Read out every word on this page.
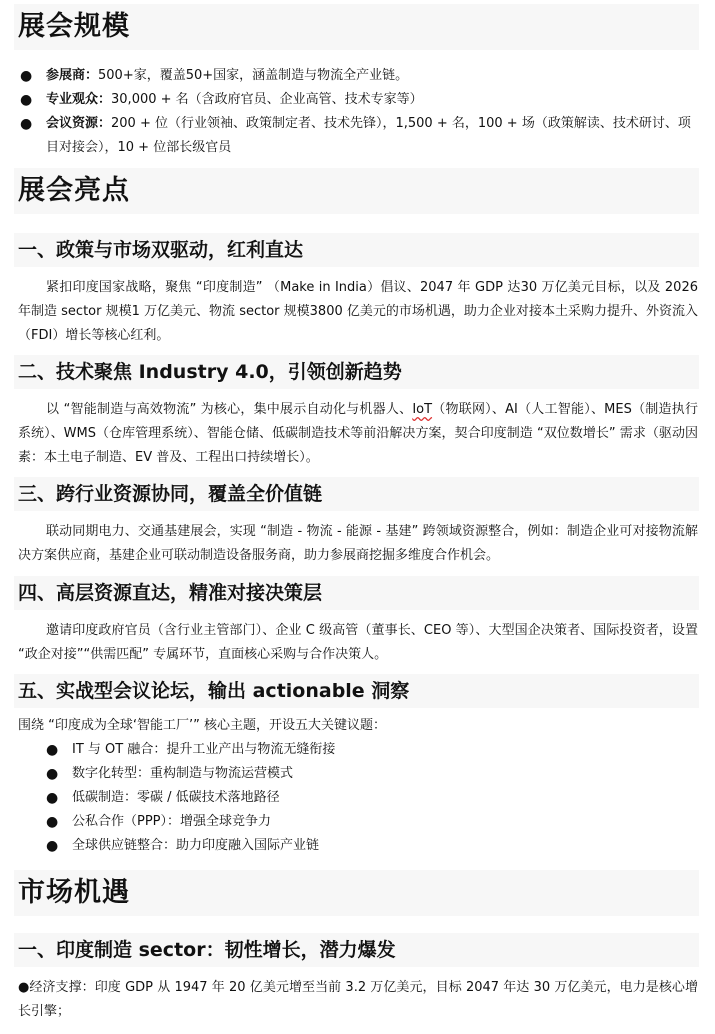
展会规模
● 参展商：500+家，覆盖50+国家，涵盖制造与物流全产业链。
● 专业观众：30,000 + 名（含政府官员、企业高管、技术专家等）
● 会议资源：200 + 位（行业领袖、政策制定者、技术先锋），1,500 + 名，100 + 场（政策解读、技术研讨、项目对接会），10 + 位部长级官员
展会亮点
一、政策与市场双驱动，红利直达
紧扣印度国家战略，聚焦 “印度制造” （Make in India）倡议、2047 年 GDP 达30 万亿美元目标，以及 2026 年制造 sector 规模1 万亿美元、物流 sector 规模3800 亿美元的市场机遇，助力企业对接本土采购力提升、外资流入（FDI）增长等核心红利。
二、技术聚焦 Industry 4.0，引领创新趋势
以 “智能制造与高效物流” 为核心，集中展示自动化与机器人、IoT（物联网）、AI（人工智能）、MES（制造执行系统）、WMS（仓库管理系统）、智能仓储、低碳制造技术等前沿解决方案，契合印度制造 “双位数增长” 需求（驱动因素：本土电子制造、EV 普及、工程出口持续增长）。
三、跨行业资源协同，覆盖全价值链
联动同期电力、交通基建展会，实现 “制造 - 物流 - 能源 - 基建” 跨领域资源整合，例如：制造企业可对接物流解决方案供应商，基建企业可联动制造设备服务商，助力参展商挖掘多维度合作机会。
四、高层资源直达，精准对接决策层
邀请印度政府官员（含行业主管部门）、企业 C 级高管（董事长、CEO 等）、大型国企决策者、国际投资者，设置 “政企对接”“供需匹配” 专属环节，直面核心采购与合作决策人。
五、实战型会议论坛，输出 actionable 洞察
围绕 “印度成为全球‘智能工厂’” 核心主题，开设五大关键议题：
● IT 与 OT 融合：提升工业产出与物流无缝衔接
● 数字化转型：重构制造与物流运营模式
● 低碳制造：零碳 / 低碳技术落地路径
● 公私合作（PPP）：增强全球竞争力
● 全球供应链整合：助力印度融入国际产业链
市场机遇
一、印度制造 sector：韧性增长，潜力爆发
●经济支撑：印度 GDP 从 1947 年 20 亿美元增至当前 3.2 万亿美元，目标 2047 年达 30 万亿美元，电力是核心增长引擎；
